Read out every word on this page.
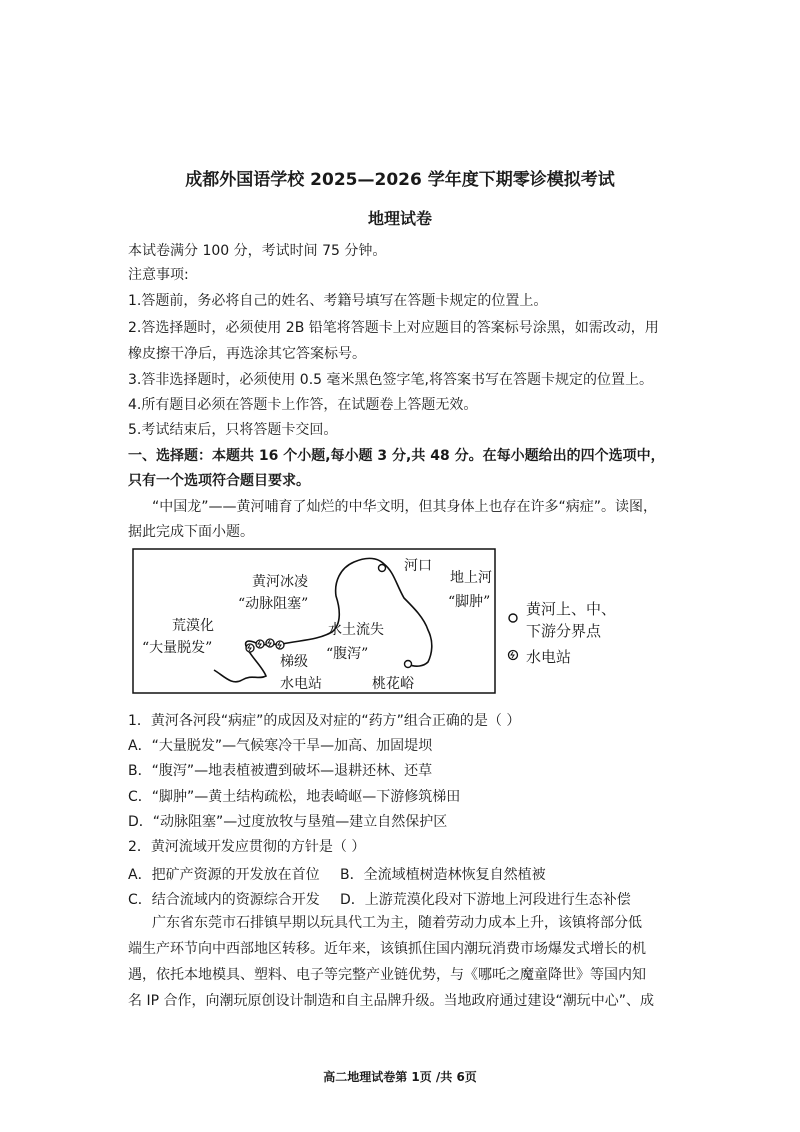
成都外国语学校 2025—2026 学年度下期零诊模拟考试
地理试卷
本试卷满分 100 分，考试时间 75 分钟。
注意事项:
1.答题前，务必将自己的姓名、考籍号填写在答题卡规定的位置上。
2.答选择题时，必须使用 2B 铅笔将答题卡上对应题目的答案标号涂黑，如需改动，用
橡皮擦干净后，再选涂其它答案标号。
3.答非选择题时，必须使用 0.5 毫米黑色签字笔,将答案书写在答题卡规定的位置上。
4.所有题目必须在答题卡上作答，在试题卷上答题无效。
5.考试结束后，只将答题卡交回。
一、选择题：本题共 16 个小题,每小题 3 分,共 48 分。在每小题给出的四个选项中，
只有一个选项符合题目要求。
“中国龙”——黄河哺育了灿烂的中华文明，但其身体上也存在许多“病症”。读图，
据此完成下面小题。
荒漠化
“大量脱发”
黄河冰凌
“动脉阻塞”
河口
地上河
“脚肿”
水土流失
“腹泻”
梯级
水电站	桃花峪
黄河上、中、
下游分界点
水电站
1．黄河各河段“病症”的成因及对症的“药方”组合正确的是（ ）
A．“大量脱发”—气候寒冷干旱—加高、加固堤坝
B．“腹泻”—地表植被遭到破坏—退耕还林、还草
C．“脚肿”—黄土结构疏松，地表崎岖—下游修筑梯田
D．“动脉阻塞”—过度放牧与垦殖—建立自然保护区
2．黄河流域开发应贯彻的方针是（ ）
A．把矿产资源的开发放在首位 B．全流域植树造林恢复自然植被
C．结合流域内的资源综合开发 D．上游荒漠化段对下游地上河段进行生态补偿
广东省东莞市石排镇早期以玩具代工为主，随着劳动力成本上升，该镇将部分低
端生产环节向中西部地区转移。近年来，该镇抓住国内潮玩消费市场爆发式增长的机
遇，依托本地模具、塑料、电子等完整产业链优势，与《哪吒之魔童降世》等国内知
名 IP 合作，向潮玩原创设计制造和自主品牌升级。当地政府通过建设“潮玩中心”、成
高二地理试卷第 1页 /共 6页
